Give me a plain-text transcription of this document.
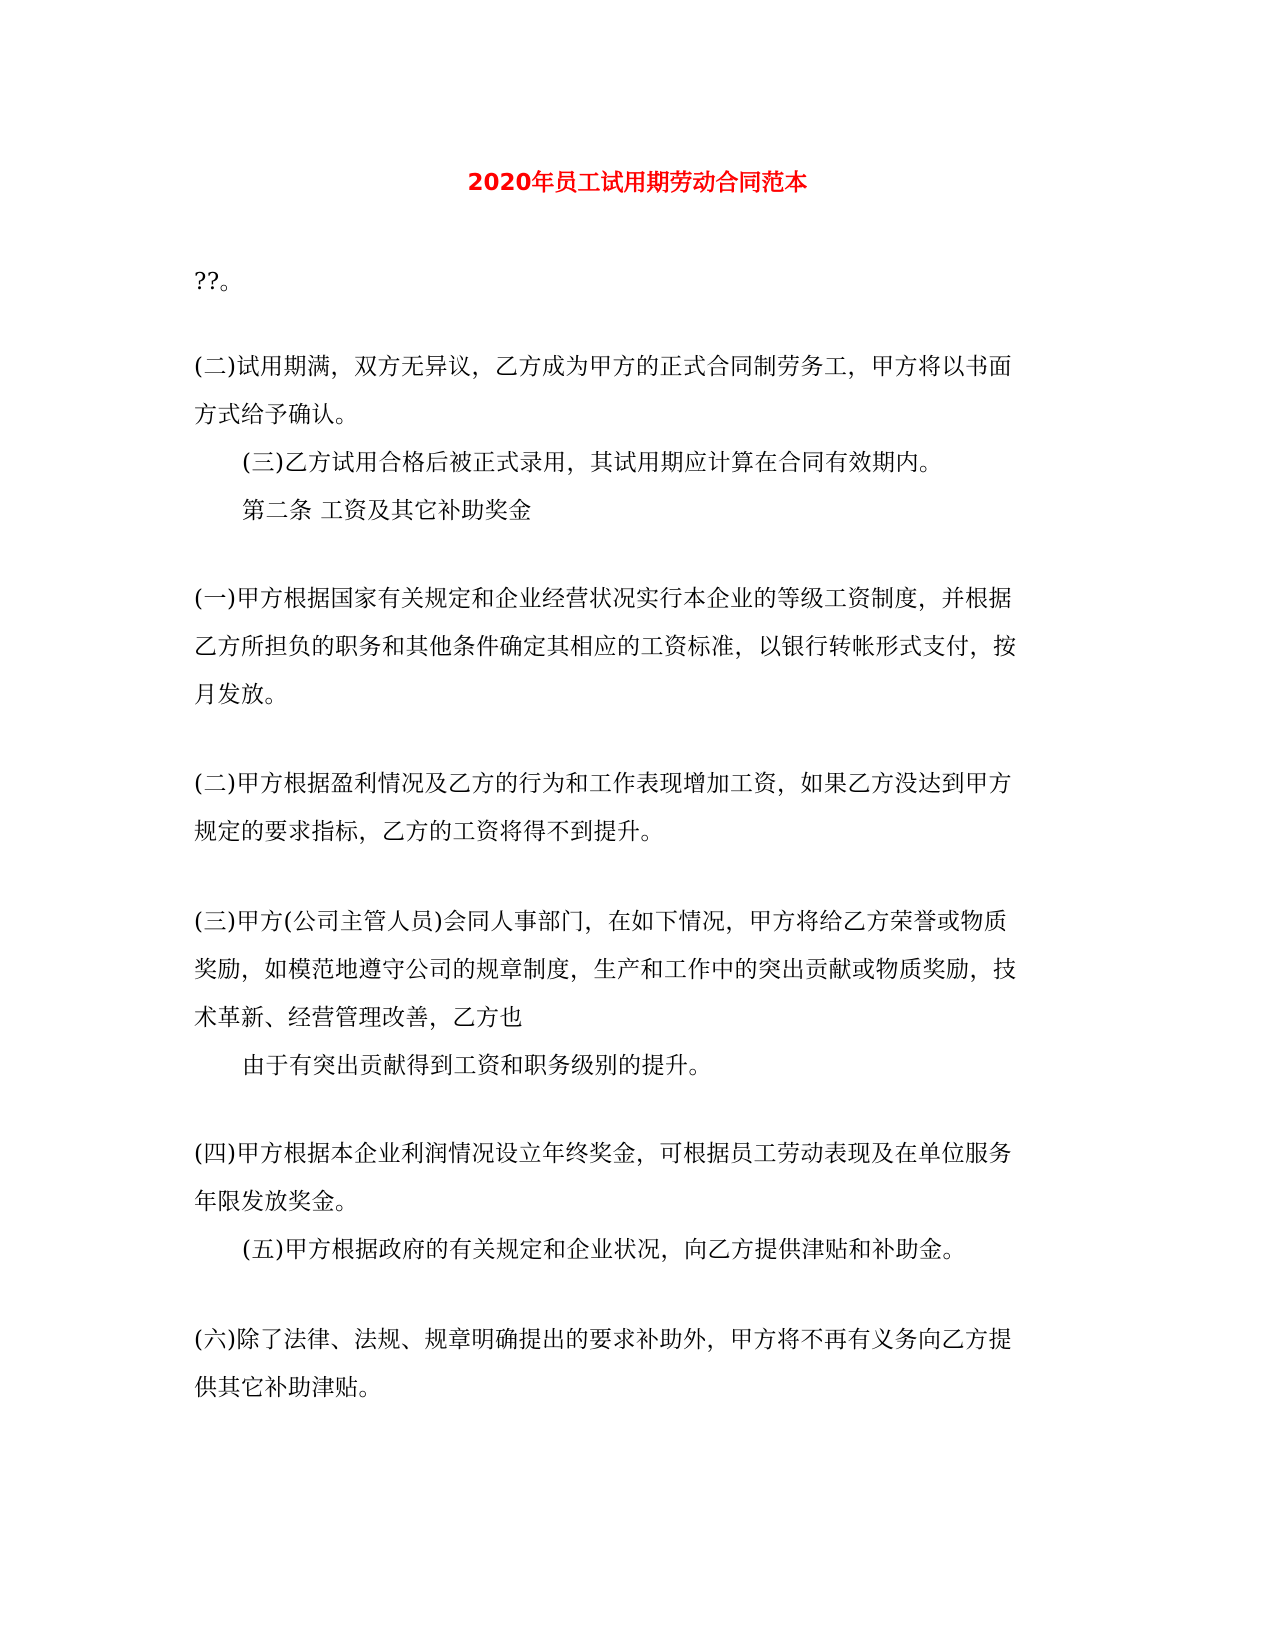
2020年员工试用期劳动合同范本
??。
(二)试用期满，双方无异议，乙方成为甲方的正式合同制劳务工，甲方将以书面
方式给予确认。
(三)乙方试用合格后被正式录用，其试用期应计算在合同有效期内。
第二条 工资及其它补助奖金
(一)甲方根据国家有关规定和企业经营状况实行本企业的等级工资制度，并根据
乙方所担负的职务和其他条件确定其相应的工资标准，以银行转帐形式支付，按
月发放。
(二)甲方根据盈利情况及乙方的行为和工作表现增加工资，如果乙方没达到甲方
规定的要求指标，乙方的工资将得不到提升。
(三)甲方(公司主管人员)会同人事部门，在如下情况，甲方将给乙方荣誉或物质
奖励，如模范地遵守公司的规章制度，生产和工作中的突出贡献或物质奖励，技
术革新、经营管理改善，乙方也
由于有突出贡献得到工资和职务级别的提升。
(四)甲方根据本企业利润情况设立年终奖金，可根据员工劳动表现及在单位服务
年限发放奖金。
(五)甲方根据政府的有关规定和企业状况，向乙方提供津贴和补助金。
(六)除了法律、法规、规章明确提出的要求补助外，甲方将不再有义务向乙方提
供其它补助津贴。
